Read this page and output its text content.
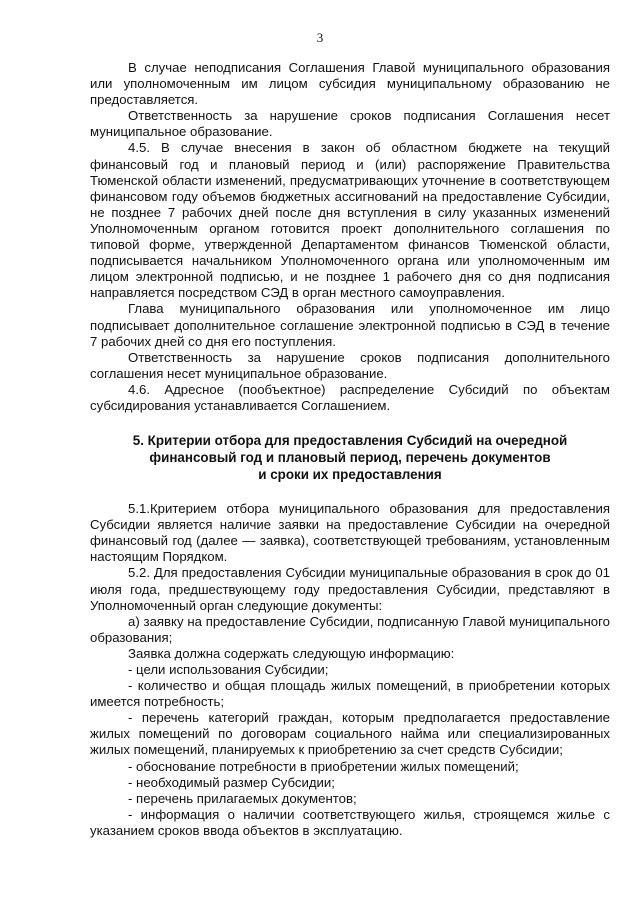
3

В случае неподписания Соглашения Главой муниципального образования или уполномоченным им лицом субсидия муниципальному образованию не предоставляется.

Ответственность за нарушение сроков подписания Соглашения несет муниципальное образование.

4.5. В случае внесения в закон об областном бюджете на текущий финансовый год и плановый период и (или) распоряжение Правительства Тюменской области изменений, предусматривающих уточнение в соответствующем финансовом году объемов бюджетных ассигнований на предоставление Субсидии, не позднее 7 рабочих дней после дня вступления в силу указанных изменений Уполномоченным органом готовится проект дополнительного соглашения по типовой форме, утвержденной Департаментом финансов Тюменской области, подписывается начальником Уполномоченного органа или уполномоченным им лицом электронной подписью, и не позднее 1 рабочего дня со дня подписания направляется посредством СЭД в орган местного самоуправления.

Глава муниципального образования или уполномоченное им лицо подписывает дополнительное соглашение электронной подписью в СЭД в течение 7 рабочих дней со дня его поступления.

Ответственность за нарушение сроков подписания дополнительного соглашения несет муниципальное образование.

4.6. Адресное (пообъектное) распределение Субсидий по объектам субсидирования устанавливается Соглашением.

5. Критерии отбора для предоставления Субсидий на очередной
финансовый год и плановый период, перечень документов
и сроки их предоставления

5.1.Критерием отбора муниципального образования для предоставления Субсидии является наличие заявки на предоставление Субсидии на очередной финансовый год (далее — заявка), соответствующей требованиям, установленным настоящим Порядком.

5.2. Для предоставления Субсидии муниципальные образования в срок до 01 июля года, предшествующему году предоставления Субсидии, представляют в Уполномоченный орган следующие документы:

а) заявку на предоставление Субсидии, подписанную Главой муниципального образования;

Заявка должна содержать следующую информацию:

- цели использования Субсидии;

- количество и общая площадь жилых помещений, в приобретении которых имеется потребность;

- перечень категорий граждан, которым предполагается предоставление жилых помещений по договорам социального найма или специализированных жилых помещений, планируемых к приобретению за счет средств Субсидии;

- обоснование потребности в приобретении жилых помещений;

- необходимый размер Субсидии;

- перечень прилагаемых документов;

- информация о наличии соответствующего жилья, строящемся жилье с указанием сроков ввода объектов в эксплуатацию.
